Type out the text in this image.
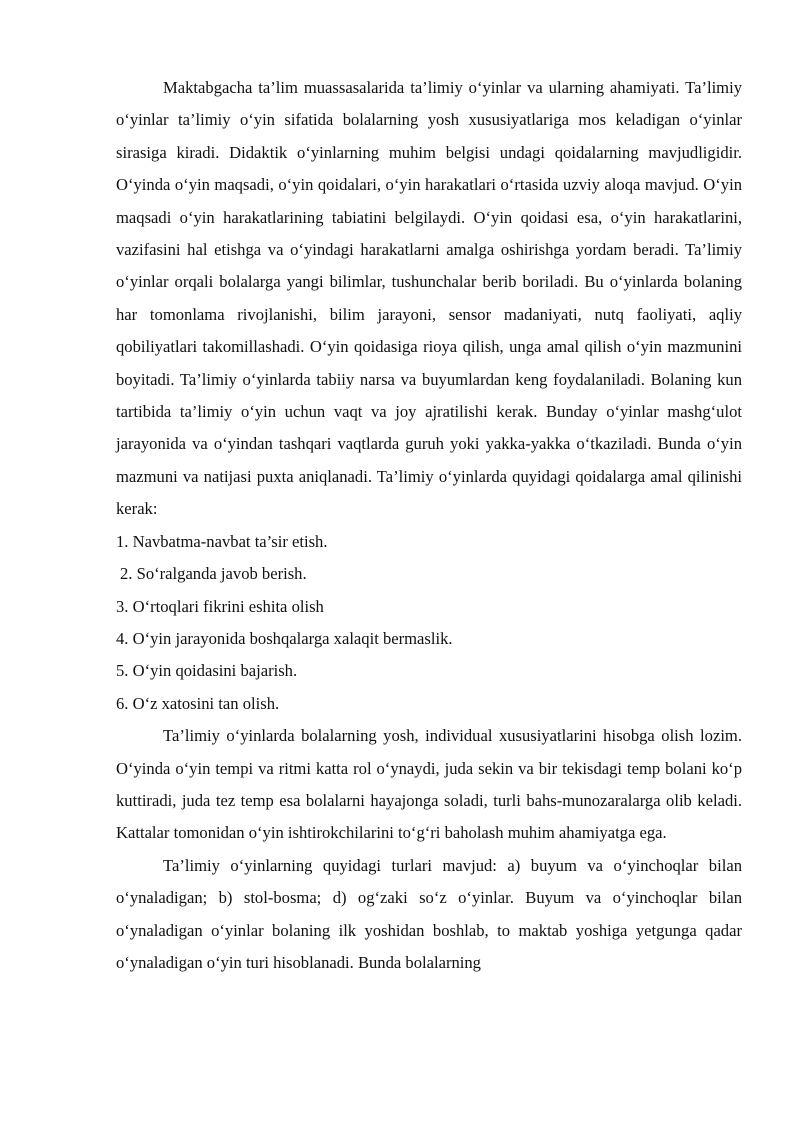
Maktabgacha ta’lim muassasalarida ta’limiy o‘yinlar va ularning ahamiyati. Ta’limiy o‘yinlar ta’limiy o‘yin sifatida bolalarning yosh xususiyatlariga mos keladigan o‘yinlar sirasiga kiradi. Didaktik o‘yinlarning muhim belgisi undagi qoidalarning mavjudligidir. O‘yinda o‘yin maqsadi, o‘yin qoidalari, o‘yin harakatlari o‘rtasida uzviy aloqa mavjud. O‘yin maqsadi o‘yin harakatlarining tabiatini belgilaydi. O‘yin qoidasi esa, o‘yin harakatlarini, vazifasini hal etishga va o‘yindagi harakatlarni amalga oshirishga yordam beradi. Ta’limiy o‘yinlar orqali bolalarga yangi bilimlar, tushunchalar berib boriladi. Bu o‘yinlarda bolaning har tomonlama rivojlanishi, bilim jarayoni, sensor madaniyati, nutq faoliyati, aqliy qobiliyatlari takomillashadi. O‘yin qoidasiga rioya qilish, unga amal qilish o‘yin mazmunini boyitadi. Ta’limiy o‘yinlarda tabiiy narsa va buyumlardan keng foydalaniladi. Bolaning kun tartibida ta’limiy o‘yin uchun vaqt va joy ajratilishi kerak. Bunday o‘yinlar mashg‘ulot jarayonida va o‘yindan tashqari vaqtlarda guruh yoki yakka-yakka o‘tkaziladi. Bunda o‘yin mazmuni va natijasi puxta aniqlanadi. Ta’limiy o‘yinlarda quyidagi qoidalarga amal qilinishi kerak:

1. Navbatma-navbat ta’sir etish.
2. So‘ralganda javob berish.
3. O‘rtoqlari fikrini eshita olish
4. O‘yin jarayonida boshqalarga xalaqit bermaslik.
5. O‘yin qoidasini bajarish.
6. O‘z xatosini tan olish.

Ta’limiy o‘yinlarda bolalarning yosh, individual xususiyatlarini hisobga olish lozim. O‘yinda o‘yin tempi va ritmi katta rol o‘ynaydi, juda sekin va bir tekisdagi temp bolani ko‘p kuttiradi, juda tez temp esa bolalarni hayajonga soladi, turli bahs-munozaralarga olib keladi. Kattalar tomonidan o‘yin ishtirokchilarini to‘g‘ri baholash muhim ahamiyatga ega.

Ta’limiy o‘yinlarning quyidagi turlari mavjud: a) buyum va o‘yinchoqlar bilan o‘ynaladigan; b) stol-bosma; d) og‘zaki so‘z o‘yinlar. Buyum va o‘yinchoqlar bilan o‘ynaladigan o‘yinlar bolaning ilk yoshidan boshlab, to maktab yoshiga yetgunga qadar o‘ynaladigan o‘yin turi hisoblanadi. Bunda bolalarning
